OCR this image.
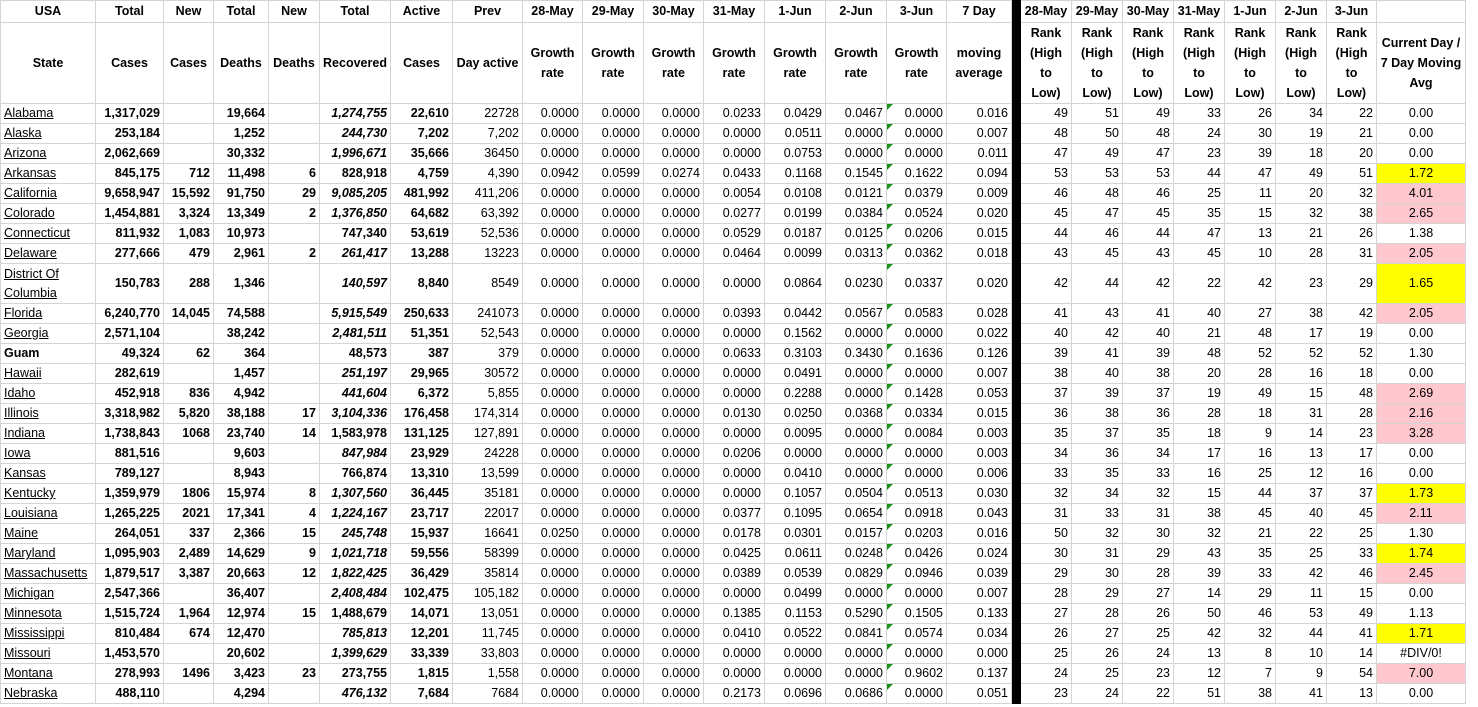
USA	Total	New	Total	New	Total	Active	Prev	28-May	29-May	30-May	31-May	1-Jun	2-Jun	3-Jun	7 Day		28-May	29-May	30-May	31-May	1-Jun	2-Jun	3-Jun	
State	Cases	Cases	Deaths	Deaths	Recovered	Cases	Day active	Growth rate	Growth rate	Growth rate	Growth rate	Growth rate	Growth rate	Growth rate	moving average		Rank (High to Low)	Rank (High to Low)	Rank (High to Low)	Rank (High to Low)	Rank (High to Low)	Rank (High to Low)	Rank (High to Low)	Current Day / 7 Day Moving Avg
Alabama	1,317,029		19,664		1,274,755	22,610	22728	0.0000	0.0000	0.0000	0.0233	0.0429	0.0467	0.0000	0.016		49	51	49	33	26	34	22	0.00
Alaska	253,184		1,252		244,730	7,202	7,202	0.0000	0.0000	0.0000	0.0000	0.0511	0.0000	0.0000	0.007		48	50	48	24	30	19	21	0.00
Arizona	2,062,669		30,332		1,996,671	35,666	36450	0.0000	0.0000	0.0000	0.0000	0.0753	0.0000	0.0000	0.011		47	49	47	23	39	18	20	0.00
Arkansas	845,175	712	11,498	6	828,918	4,759	4,390	0.0942	0.0599	0.0274	0.0433	0.1168	0.1545	0.1622	0.094		53	53	53	44	47	49	51	1.72
California	9,658,947	15,592	91,750	29	9,085,205	481,992	411,206	0.0000	0.0000	0.0000	0.0054	0.0108	0.0121	0.0379	0.009		46	48	46	25	11	20	32	4.01
Colorado	1,454,881	3,324	13,349	2	1,376,850	64,682	63,392	0.0000	0.0000	0.0000	0.0277	0.0199	0.0384	0.0524	0.020		45	47	45	35	15	32	38	2.65
Connecticut	811,932	1,083	10,973		747,340	53,619	52,536	0.0000	0.0000	0.0000	0.0529	0.0187	0.0125	0.0206	0.015		44	46	44	47	13	21	26	1.38
Delaware	277,666	479	2,961	2	261,417	13,288	13223	0.0000	0.0000	0.0000	0.0464	0.0099	0.0313	0.0362	0.018		43	45	43	45	10	28	31	2.05
District Of Columbia	150,783	288	1,346		140,597	8,840	8549	0.0000	0.0000	0.0000	0.0000	0.0864	0.0230	0.0337	0.020		42	44	42	22	42	23	29	1.65
Florida	6,240,770	14,045	74,588		5,915,549	250,633	241073	0.0000	0.0000	0.0000	0.0393	0.0442	0.0567	0.0583	0.028		41	43	41	40	27	38	42	2.05
Georgia	2,571,104		38,242		2,481,511	51,351	52,543	0.0000	0.0000	0.0000	0.0000	0.1562	0.0000	0.0000	0.022		40	42	40	21	48	17	19	0.00
Guam	49,324	62	364		48,573	387	379	0.0000	0.0000	0.0000	0.0633	0.3103	0.3430	0.1636	0.126		39	41	39	48	52	52	52	1.30
Hawaii	282,619		1,457		251,197	29,965	30572	0.0000	0.0000	0.0000	0.0000	0.0491	0.0000	0.0000	0.007		38	40	38	20	28	16	18	0.00
Idaho	452,918	836	4,942		441,604	6,372	5,855	0.0000	0.0000	0.0000	0.0000	0.2288	0.0000	0.1428	0.053		37	39	37	19	49	15	48	2.69
Illinois	3,318,982	5,820	38,188	17	3,104,336	176,458	174,314	0.0000	0.0000	0.0000	0.0130	0.0250	0.0368	0.0334	0.015		36	38	36	28	18	31	28	2.16
Indiana	1,738,843	1068	23,740	14	1,583,978	131,125	127,891	0.0000	0.0000	0.0000	0.0000	0.0095	0.0000	0.0084	0.003		35	37	35	18	9	14	23	3.28
Iowa	881,516		9,603		847,984	23,929	24228	0.0000	0.0000	0.0000	0.0206	0.0000	0.0000	0.0000	0.003		34	36	34	17	16	13	17	0.00
Kansas	789,127		8,943		766,874	13,310	13,599	0.0000	0.0000	0.0000	0.0000	0.0410	0.0000	0.0000	0.006		33	35	33	16	25	12	16	0.00
Kentucky	1,359,979	1806	15,974	8	1,307,560	36,445	35181	0.0000	0.0000	0.0000	0.0000	0.1057	0.0504	0.0513	0.030		32	34	32	15	44	37	37	1.73
Louisiana	1,265,225	2021	17,341	4	1,224,167	23,717	22017	0.0000	0.0000	0.0000	0.0377	0.1095	0.0654	0.0918	0.043		31	33	31	38	45	40	45	2.11
Maine	264,051	337	2,366	15	245,748	15,937	16641	0.0250	0.0000	0.0000	0.0178	0.0301	0.0157	0.0203	0.016		50	32	30	32	21	22	25	1.30
Maryland	1,095,903	2,489	14,629	9	1,021,718	59,556	58399	0.0000	0.0000	0.0000	0.0425	0.0611	0.0248	0.0426	0.024		30	31	29	43	35	25	33	1.74
Massachusetts	1,879,517	3,387	20,663	12	1,822,425	36,429	35814	0.0000	0.0000	0.0000	0.0389	0.0539	0.0829	0.0946	0.039		29	30	28	39	33	42	46	2.45
Michigan	2,547,366		36,407		2,408,484	102,475	105,182	0.0000	0.0000	0.0000	0.0000	0.0499	0.0000	0.0000	0.007		28	29	27	14	29	11	15	0.00
Minnesota	1,515,724	1,964	12,974	15	1,488,679	14,071	13,051	0.0000	0.0000	0.0000	0.1385	0.1153	0.5290	0.1505	0.133		27	28	26	50	46	53	49	1.13
Mississippi	810,484	674	12,470		785,813	12,201	11,745	0.0000	0.0000	0.0000	0.0410	0.0522	0.0841	0.0574	0.034		26	27	25	42	32	44	41	1.71
Missouri	1,453,570		20,602		1,399,629	33,339	33,803	0.0000	0.0000	0.0000	0.0000	0.0000	0.0000	0.0000	0.000		25	26	24	13	8	10	14	#DIV/0!
Montana	278,993	1496	3,423	23	273,755	1,815	1,558	0.0000	0.0000	0.0000	0.0000	0.0000	0.0000	0.9602	0.137		24	25	23	12	7	9	54	7.00
Nebraska	488,110		4,294		476,132	7,684	7684	0.0000	0.0000	0.0000	0.2173	0.0696	0.0686	0.0000	0.051		23	24	22	51	38	41	13	0.00
